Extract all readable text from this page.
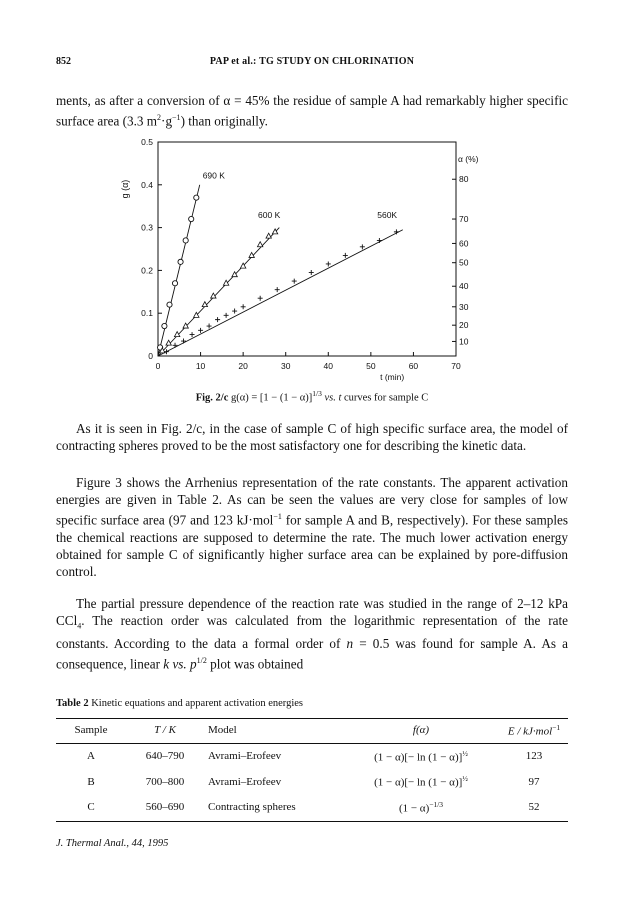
852	PAP et al.: TG STUDY ON CHLORINATION
ments, as after a conversion of α = 45% the residue of sample A had remarkably higher specific surface area (3.3 $m^2\cdot g^{-1}$) than originally.
0	10	20	30	40	50	60	70
0
0.1
0.2
0.3
0.4
0.5
10
20
30
40
50
60
70
80
t (min)
g (α)
α (%)
690 K
600 K	560K
Fig. 2/c $g(\alpha) = [1 - (1 - \alpha)]^{1/3}$ vs. t curves for sample C
As it is seen in Fig. 2/c, in the case of sample C of high specific surface area, the model of contracting spheres proved to be the most satisfactory one for describing the kinetic data.
Figure 3 shows the Arrhenius representation of the rate constants. The apparent activation energies are given in Table 2. As can be seen the values are very close for samples of low specific surface area (97 and 123 kJ·mol$^{-1}$ for sample A and B, respectively). For these samples the chemical reactions are supposed to determine the rate. The much lower activation energy obtained for sample C of significantly higher surface area can be explained by pore-diffusion control.
The partial pressure dependence of the reaction rate was studied in the range of 2–12 kPa CCl$_4$. The reaction order was calculated from the logarithmic representation of the rate constants. According to the data a formal order of n = 0.5 was found for sample A. As a consequence, linear k vs. $p^{1/2}$ plot was obtained
Table 2 Kinetic equations and apparent activation energies
Sample	T / K	Model	f(α)	E / kJ·mol$^{-1}$
A	640–790	Avrami–Erofeev	$(1 - \alpha)[- \ln (1 - \alpha)]^{\frac{1}{2}}$	123
B	700–800	Avrami–Erofeev	$(1 - \alpha)[- \ln (1 - \alpha)]^{\frac{1}{2}}$	97
C	560–690	Contracting spheres	$(1 - \alpha)^{-1/3}$	52
J. Thermal Anal., 44, 1995
